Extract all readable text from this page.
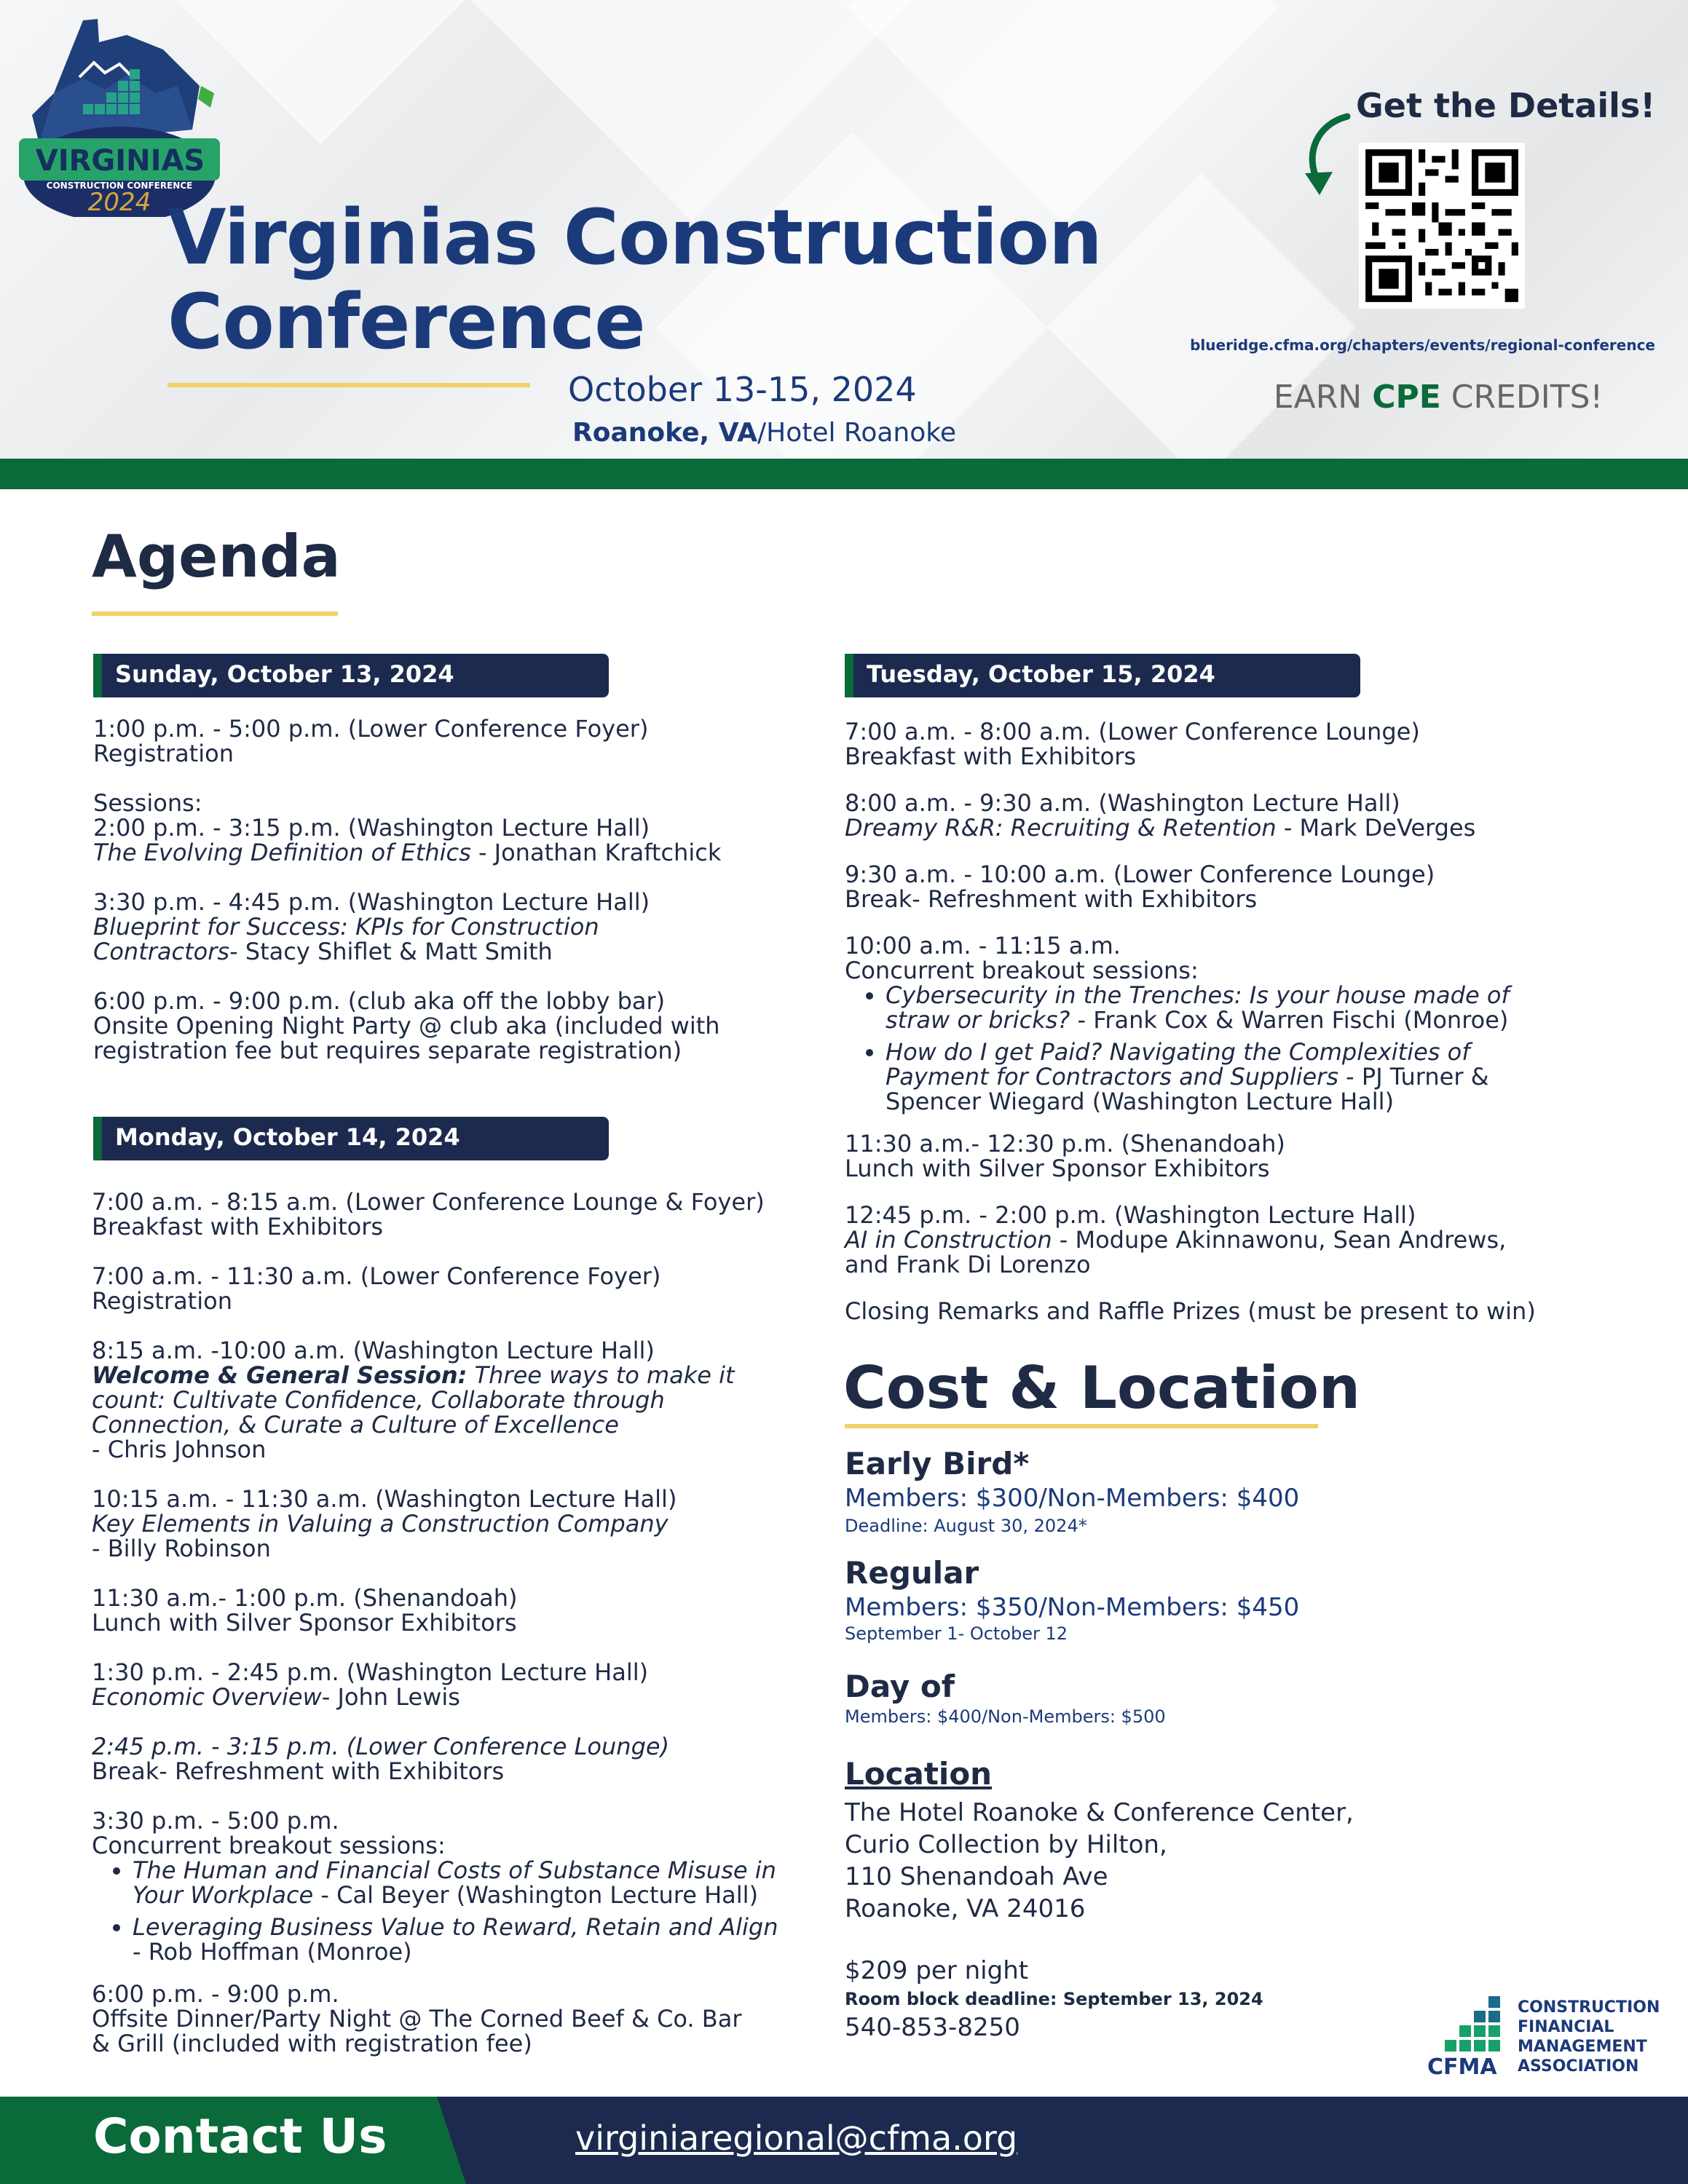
VIRGINIAS
CONSTRUCTION CONFERENCE
2024 Virginias Construction
Conference
October 13-15, 2024
Roanoke, VA/Hotel Roanoke
Get the Details!
blueridge.cfma.org/chapters/events/regional-conference
EARN CPE CREDITS!
Agenda
Sunday, October 13, 2024
1:00 p.m. - 5:00 p.m. (Lower Conference Foyer)
Registration
Sessions:
2:00 p.m. - 3:15 p.m. (Washington Lecture Hall)
The Evolving Definition of Ethics - Jonathan Kraftchick
3:30 p.m. - 4:45 p.m. (Washington Lecture Hall)
Blueprint for Success: KPIs for Construction
Contractors- Stacy Shiflet & Matt Smith
6:00 p.m. - 9:00 p.m. (club aka off the lobby bar)
Onsite Opening Night Party @ club aka (included with
registration fee but requires separate registration)
Monday, October 14, 2024
7:00 a.m. - 8:15 a.m. (Lower Conference Lounge & Foyer)
Breakfast with Exhibitors
7:00 a.m. - 11:30 a.m. (Lower Conference Foyer)
Registration
8:15 a.m. -10:00 a.m. (Washington Lecture Hall)
Welcome & General Session: Three ways to make it
count: Cultivate Confidence, Collaborate through
Connection, & Curate a Culture of Excellence
- Chris Johnson
10:15 a.m. - 11:30 a.m. (Washington Lecture Hall)
Key Elements in Valuing a Construction Company
- Billy Robinson
11:30 a.m.- 1:00 p.m. (Shenandoah)
Lunch with Silver Sponsor Exhibitors
1:30 p.m. - 2:45 p.m. (Washington Lecture Hall)
Economic Overview- John Lewis
2:45 p.m. - 3:15 p.m. (Lower Conference Lounge)
Break- Refreshment with Exhibitors
3:30 p.m. - 5:00 p.m.
Concurrent breakout sessions:
• The Human and Financial Costs of Substance Misuse in Your Workplace - Cal Beyer (Washington Lecture Hall)
• Leveraging Business Value to Reward, Retain and Align - Rob Hoffman (Monroe)
6:00 p.m. - 9:00 p.m.
Offsite Dinner/Party Night @ The Corned Beef & Co. Bar
& Grill (included with registration fee)
Tuesday, October 15, 2024
7:00 a.m. - 8:00 a.m. (Lower Conference Lounge)
Breakfast with Exhibitors
8:00 a.m. - 9:30 a.m. (Washington Lecture Hall)
Dreamy R&R: Recruiting & Retention - Mark DeVerges
9:30 a.m. - 10:00 a.m. (Lower Conference Lounge)
Break- Refreshment with Exhibitors
10:00 a.m. - 11:15 a.m.
Concurrent breakout sessions:
• Cybersecurity in the Trenches: Is your house made of straw or bricks? - Frank Cox & Warren Fischi (Monroe)
• How do I get Paid? Navigating the Complexities of Payment for Contractors and Suppliers - PJ Turner & Spencer Wiegard (Washington Lecture Hall)
11:30 a.m.- 12:30 p.m. (Shenandoah)
Lunch with Silver Sponsor Exhibitors
12:45 p.m. - 2:00 p.m. (Washington Lecture Hall)
AI in Construction - Modupe Akinnawonu, Sean Andrews,
and Frank Di Lorenzo
Closing Remarks and Raffle Prizes (must be present to win)
Cost & Location
Early Bird*
Members: $300/Non-Members: $400
Deadline: August 30, 2024*
Regular
Members: $350/Non-Members: $450
September 1- October 12
Day of
Members: $400/Non-Members: $500
Location
The Hotel Roanoke & Conference Center,
Curio Collection by Hilton,
110 Shenandoah Ave
Roanoke, VA 24016
$209 per night
Room block deadline: September 13, 2024
540-853-8250
CFMA
CONSTRUCTION
FINANCIAL
MANAGEMENT
ASSOCIATION
Contact Us	virginiaregional@cfma.org
